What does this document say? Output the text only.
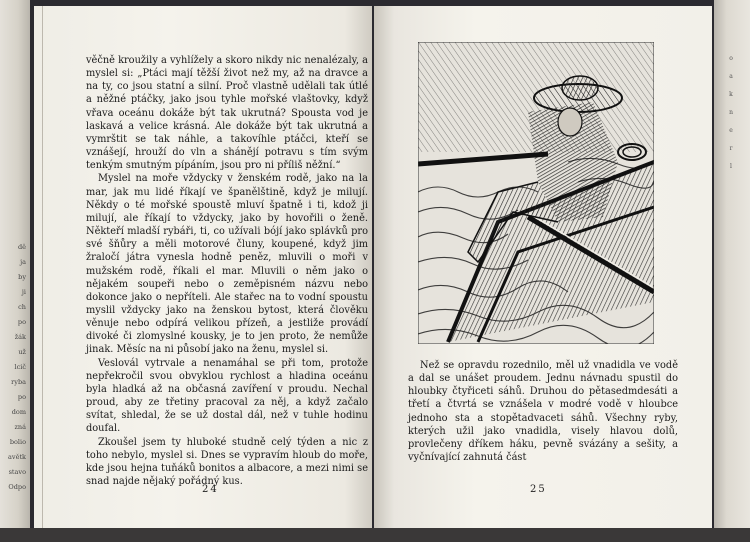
dě
ja
by
ji
ch
po
žák
už
lcič
ryba
po
dom
zná
bolio
avětk
stavo
Odpo
o
a
k
n
e
r
l

věčně kroužily a vyhlížely a skoro nikdy nic nenalézaly, a myslel si: „Ptáci mají těžší život než my, až na dravce a na ty, co jsou statní a silní. Proč vlastně udělali tak útlé a něžné ptáčky, jako jsou tyhle mořské vlaštovky, když vřava oceánu dokáže být tak ukrutná? Spousta vod je laskavá a velice krásná. Ale dokáže být tak ukrutná a vymrštit se tak náhle, a takovíhle ptáčci, kteří se vznášejí, hrouží do vln a shánějí potravu s tím svým tenkým smutným pípáním, jsou pro ni příliš něžní.“

Myslel na moře vždycky v ženském rodě, jako na la mar, jak mu lidé říkají ve španělštině, když je milují. Někdy o té mořské spoustě mluví špatně i ti, kdož ji milují, ale říkají to vždycky, jako by hovořili o ženě. Někteří mladší rybáři, ti, co užívali bójí jako splávků pro své šňůry a měli motorové čluny, koupené, když jim žraločí játra vynesla hodně peněz, mluvili o moři v mužském rodě, říkali el mar. Mluvili o něm jako o nějakém soupeři nebo o zeměpisném názvu nebo dokonce jako o nepříteli. Ale stařec na to vodní spoustu myslil vždycky jako na ženskou bytost, která člověku věnuje nebo odpírá velikou přízeň, a jestliže provádí divoké či zlomyslné kousky, je to jen proto, že nemůže jinak. Měsíc na ni působí jako na ženu, myslel si.

Veslovál vytrvale a nenamáhal se při tom, protože nepřekročil svou obvyklou rychlost a hladina oceánu byla hladká až na občasná zavíření v proudu. Nechal proud, aby ze třetiny pracoval za něj, a když začalo svítat, shledal, že se už dostal dál, než v tuhle hodinu doufal.

Zkoušel jsem ty hluboké studně celý týden a nic z toho nebylo, myslel si. Dnes se vypravím hloub do moře, kde jsou hejna tuňáků bonitos a albacore, a mezi nimi se snad najde nějaký pořádný kus.

24	25

Než se opravdu rozednilo, měl už vnadidla ve vodě a dal se unášet proudem. Jednu návnadu spustil do hloubky čtyřiceti sáhů. Druhou do pětasedmdesáti a třetí a čtvrtá se vznášela v modré vodě v hloubce jednoho sta a stopětadvaceti sáhů. Všechny ryby, kterých užil jako vnadidla, visely hlavou dolů, provlečeny dříkem háku, pevně svázány a sešity, a vyčnívající zahnutá část
